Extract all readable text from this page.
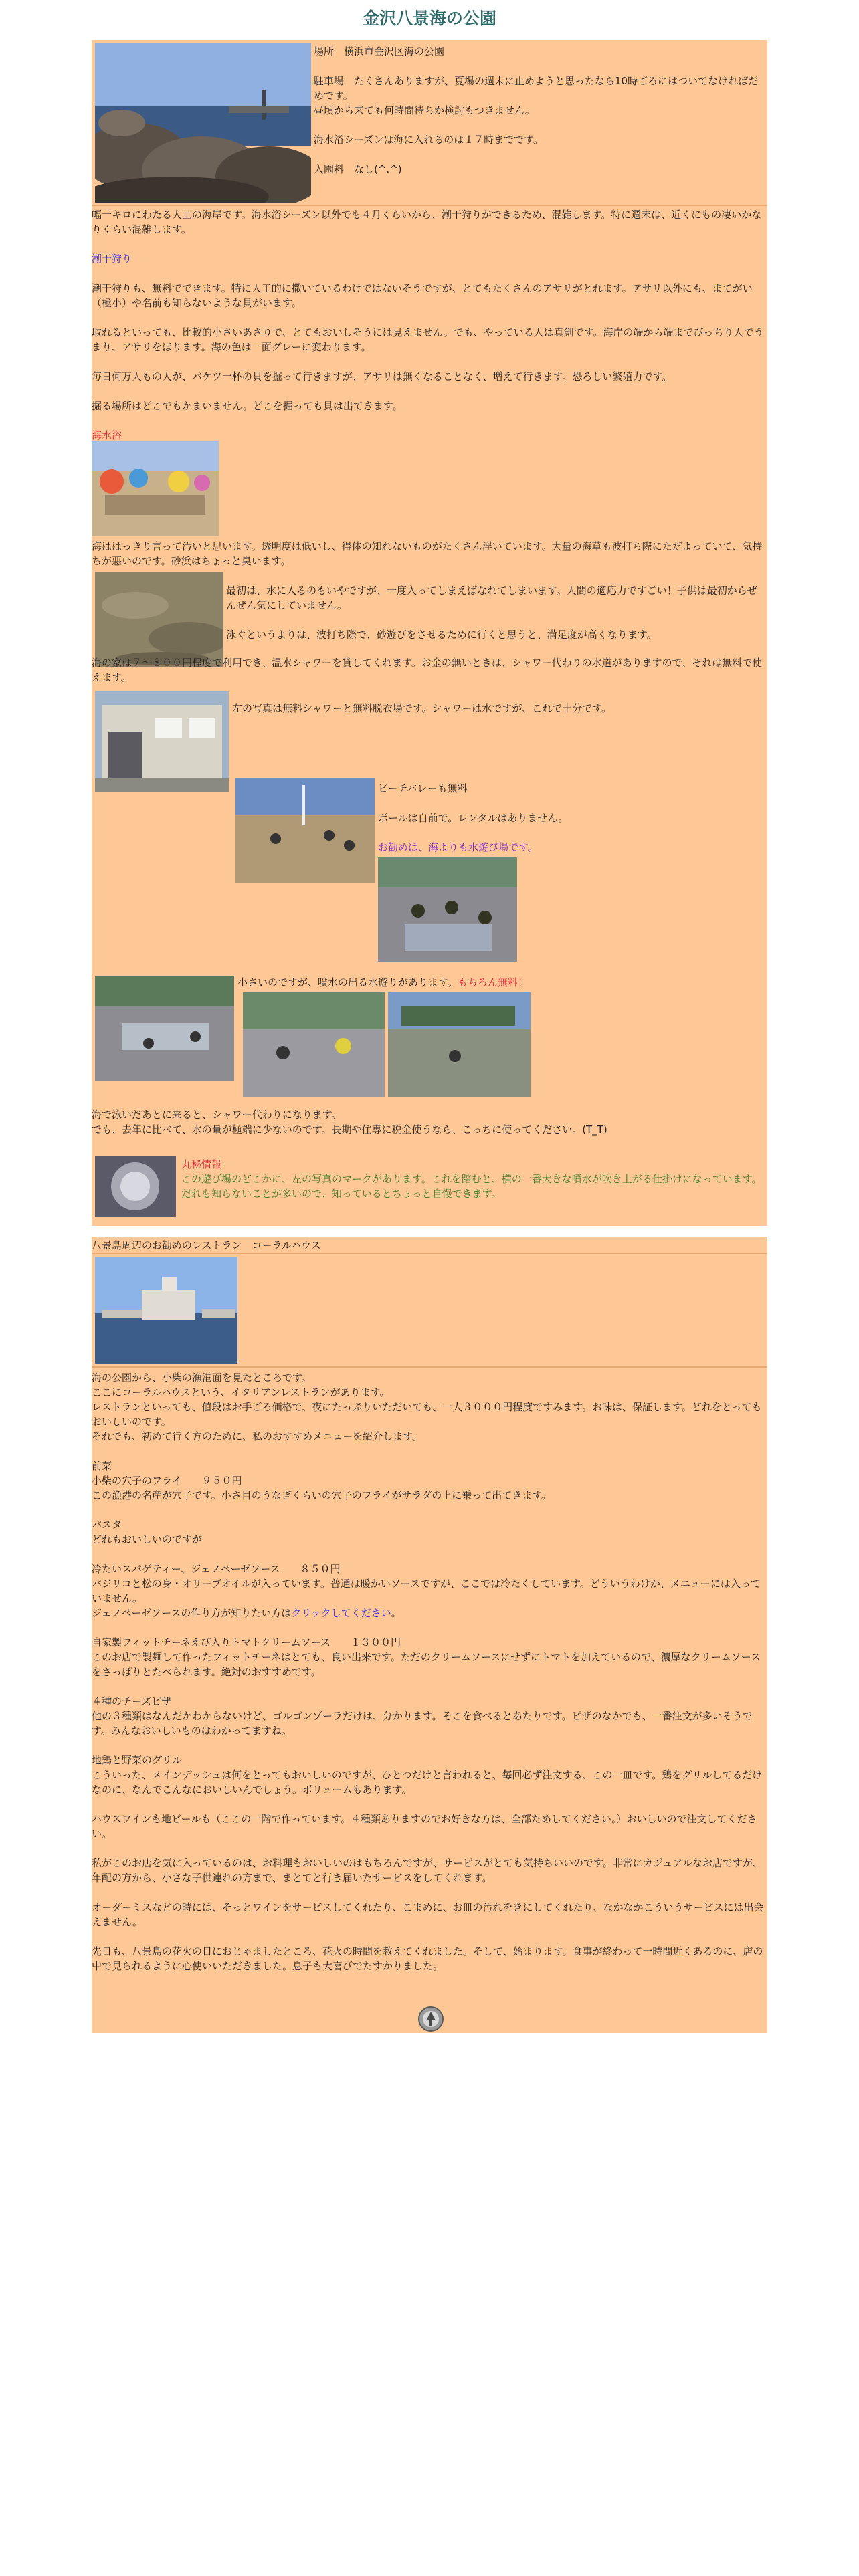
金沢八景海の公園

場所　横浜市金沢区海の公園

駐車場　たくさんありますが、夏場の週末に止めようと思ったなら10時ごろにはついてなければだめです。

昼頃から来ても何時間待ちか検討もつきません。

海水浴シーズンは海に入れるのは１７時までです。

入園料　なし(^.^)

幅一キロにわたる人工の海岸です。海水浴シーズン以外でも４月くらいから、潮干狩りができるため、混雑します。特に週末は、近くにもの凄いかなりくらい混雑します。

潮干狩り

潮干狩りも、無料でできます。特に人工的に撒いているわけではないそうですが、とてもたくさんのアサリがとれます。アサリ以外にも、まてがい（極小）や名前も知らないような貝がいます。

取れるといっても、比較的小さいあさりで、とてもおいしそうには見えません。でも、やっている人は真剣です。海岸の端から端までびっちり人でうまり、アサリをほります。海の色は一面グレーに変わります。

毎日何万人もの人が、バケツ一杯の貝を掘って行きますが、アサリは無くなることなく、増えて行きます。恐ろしい繁殖力です。

掘る場所はどこでもかまいません。どこを掘っても貝は出てきます。

海水浴

海ははっきり言って汚いと思います。透明度は低いし、得体の知れないものがたくさん浮いています。大量の海草も波打ち際にただよっていて、気持ちが悪いのです。砂浜はちょっと臭います。

最初は、水に入るのもいやですが、一度入ってしまえばなれてしまいます。人間の適応力ですごい！子供は最初からぜんぜん気にしていません。

泳ぐというよりは、波打ち際で、砂遊びをさせるために行くと思うと、満足度が高くなります。

海の家は７〜８００円程度で利用でき、温水シャワーを貸してくれます。お金の無いときは、シャワー代わりの水道がありますので、それは無料で使えます。

左の写真は無料シャワーと無料脱衣場です。シャワーは水ですが、これで十分です。

ビーチバレーも無料

ボールは自前で。レンタルはありません。

お勧めは、海よりも水遊び場です。

小さいのですが、噴水の出る水遊りがあります。もちろん無料！

海で泳いだあとに来ると、シャワー代わりになります。

でも、去年に比べて、水の量が極端に少ないのです。長期や住専に税金使うなら、こっちに使ってください。(T_T)

丸秘情報

この遊び場のどこかに、左の写真のマークがあります。これを踏むと、横の一番大きな噴水が吹き上がる仕掛けになっています。

だれも知らないことが多いので、知っているとちょっと自慢できます。

八景島周辺のお勧めのレストラン　コーラルハウス

海の公園から、小柴の漁港面を見たところです。

ここにコーラルハウスという、イタリアンレストランがあります。

レストランといっても、値段はお手ごろ価格で、夜にたっぷりいただいても、一人３０００円程度ですみます。お味は、保証します。どれをとってもおいしいのです。

それでも、初めて行く方のために、私のおすすめメニューを紹介します。

前菜

小柴の穴子のフライ　　９５０円

この漁港の名産が穴子です。小さ目のうなぎくらいの穴子のフライがサラダの上に乗って出てきます。

パスタ

どれもおいしいのですが

冷たいスパゲティー、ジェノベーゼソース　　８５０円

バジリコと松の身・オリーブオイルが入っています。普通は暖かいソースですが、ここでは冷たくしています。どういうわけか、メニューには入っていません。

ジェノベーゼソースの作り方が知りたい方はクリックしてください。

自家製フィットチーネえび入りトマトクリームソース　　１３００円

このお店で製麺して作ったフィットチーネはとても、良い出来です。ただのクリームソースにせずにトマトを加えているので、濃厚なクリームソースをさっぱりとたべられます。絶対のおすすめです。

４種のチーズピザ

他の３種類はなんだかわからないけど、ゴルゴンゾーラだけは、分かります。そこを食べるとあたりです。ピザのなかでも、一番注文が多いそうです。みんなおいしいものはわかってますね。

地鶏と野菜のグリル

こういった、メインデッシュは何をとってもおいしいのですが、ひとつだけと言われると、毎回必ず注文する、この一皿です。鶏をグリルしてるだけなのに、なんでこんなにおいしいんでしょう。ボリュームもあります。

ハウスワインも地ビールも（ここの一階で作っています。４種類ありますのでお好きな方は、全部ためしてください。）おいしいので注文してください。

私がこのお店を気に入っているのは、お料理もおいしいのはもちろんですが、サービスがとても気持ちいいのです。非常にカジュアルなお店ですが、年配の方から、小さな子供連れの方まで、まとてと行き届いたサービスをしてくれます。

オーダーミスなどの時には、そっとワインをサービスしてくれたり、こまめに、お皿の汚れをきにしてくれたり、なかなかこういうサービスには出会えません。

先日も、八景島の花火の日におじゃましたところ、花火の時間を教えてくれました。そして、始まります。食事が終わって一時間近くあるのに、店の中で見られるように心使いいただきました。息子も大喜びでたすかりました。
